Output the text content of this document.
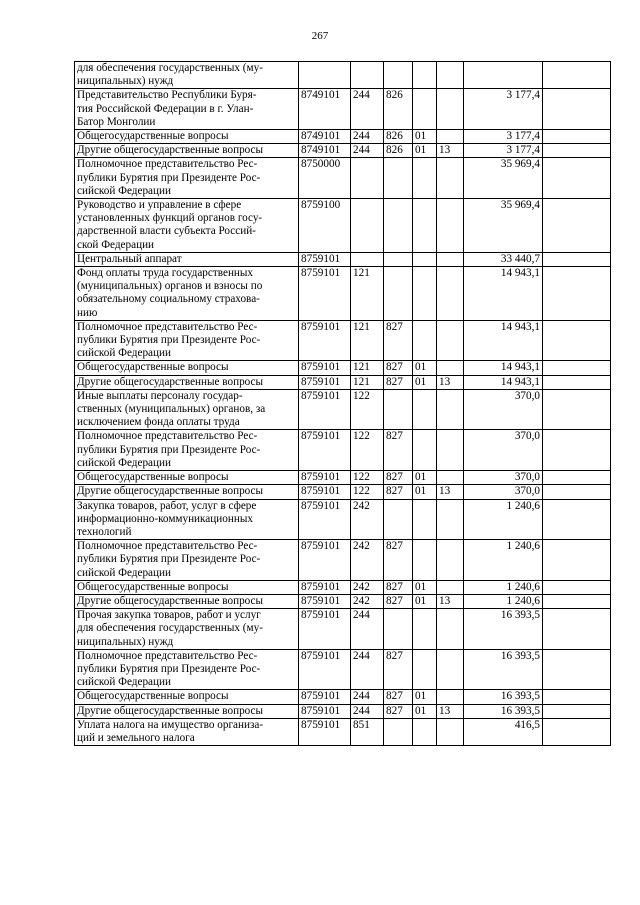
267
для обеспечения государственных (му-
ниципальных) нужд							
Представительство Республики Буря-
тия Российской Федерации в г. Улан-
Батор Монголии	8749101	244	826			3 177,4	
Общегосударственные вопросы	8749101	244	826	01		3 177,4	
Другие общегосударственные вопросы	8749101	244	826	01	13	3 177,4	
Полномочное представительство Рес-
публики Бурятия при Президенте Рос-
сийской Федерации	8750000					35 969,4	
Руководство и управление в сфере
установленных функций органов госу-
дарственной власти субъекта Россий-
ской Федерации	8759100					35 969,4	
Центральный аппарат	8759101					33 440,7	
Фонд оплаты труда государственных
(муниципальных) органов и взносы по
обязательному социальному страхова-
нию	8759101	121				14 943,1	
Полномочное представительство Рес-
публики Бурятия при Президенте Рос-
сийской Федерации	8759101	121	827			14 943,1	
Общегосударственные вопросы	8759101	121	827	01		14 943,1	
Другие общегосударственные вопросы	8759101	121	827	01	13	14 943,1	
Иные выплаты персоналу государ-
ственных (муниципальных) органов, за
исключением фонда оплаты труда	8759101	122				370,0	
Полномочное представительство Рес-
публики Бурятия при Президенте Рос-
сийской Федерации	8759101	122	827			370,0	
Общегосударственные вопросы	8759101	122	827	01		370,0	
Другие общегосударственные вопросы	8759101	122	827	01	13	370,0	
Закупка товаров, работ, услуг в сфере
информационно-коммуникационных
технологий	8759101	242				1 240,6	
Полномочное представительство Рес-
публики Бурятия при Президенте Рос-
сийской Федерации	8759101	242	827			1 240,6	
Общегосударственные вопросы	8759101	242	827	01		1 240,6	
Другие общегосударственные вопросы	8759101	242	827	01	13	1 240,6	
Прочая закупка товаров, работ и услуг
для обеспечения государственных (му-
ниципальных) нужд	8759101	244				16 393,5	
Полномочное представительство Рес-
публики Бурятия при Президенте Рос-
сийской Федерации	8759101	244	827			16 393,5	
Общегосударственные вопросы	8759101	244	827	01		16 393,5	
Другие общегосударственные вопросы	8759101	244	827	01	13	16 393,5	
Уплата налога на имущество организа-
ций и земельного налога	8759101	851				416,5	
